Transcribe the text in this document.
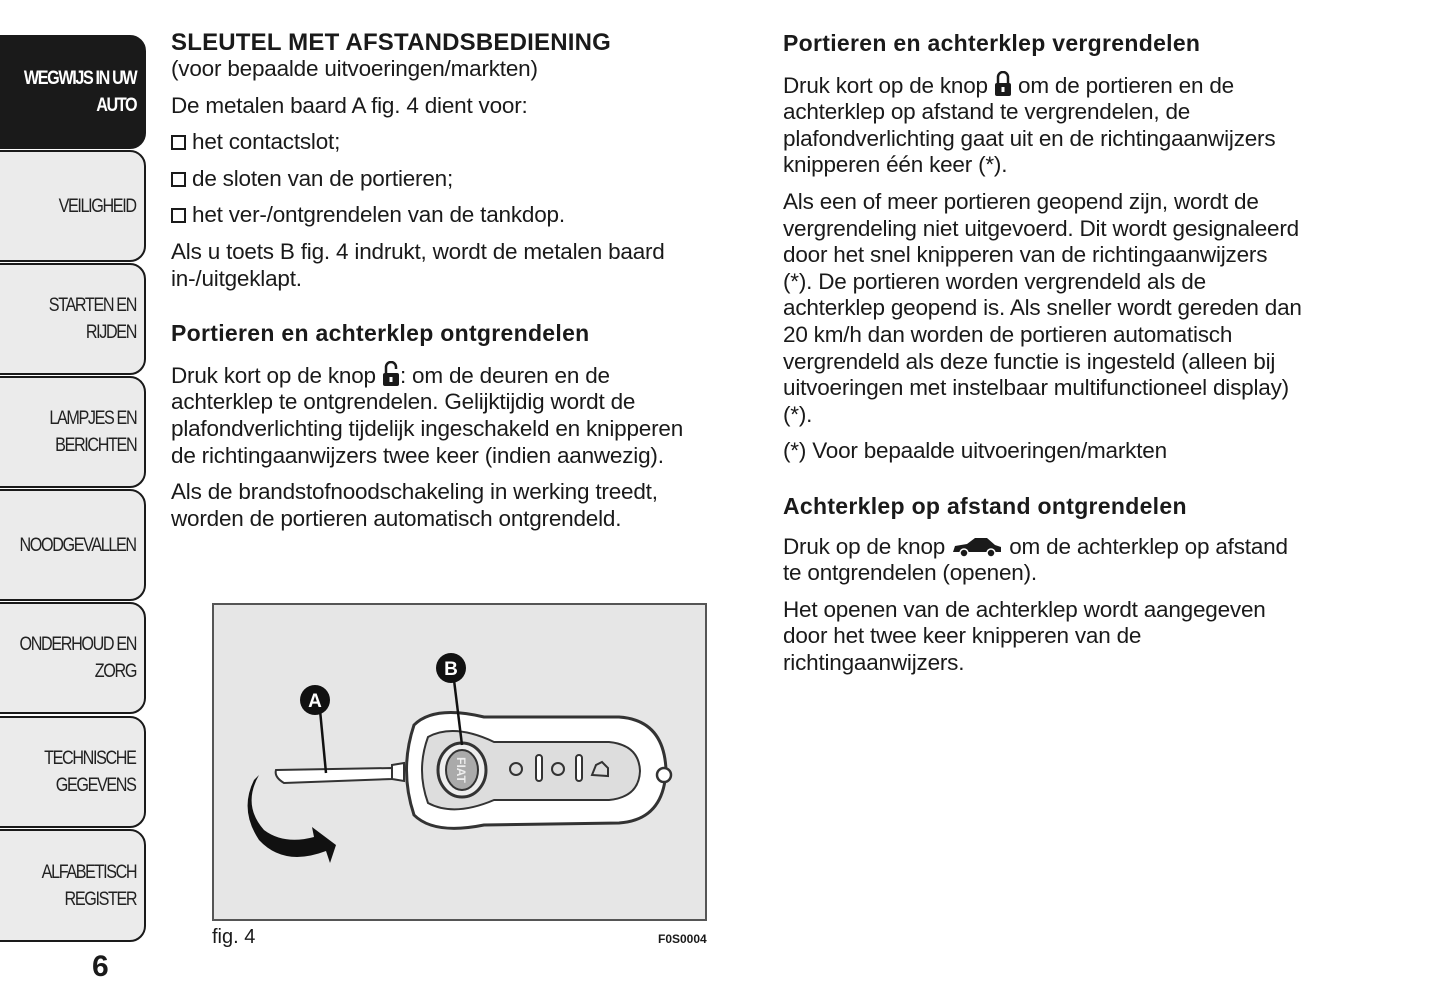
WEGWIJS IN UW
AUTO
VEILIGHEID
STARTEN EN RIJDEN
LAMPJES EN
BERICHTEN
NOODGEVALLEN
ONDERHOUD EN
ZORG
TECHNISCHE
GEGEVENS
ALFABETISCH
REGISTER
SLEUTEL MET AFSTANDSBEDIENING
(voor bepaalde uitvoeringen/markten)
De metalen baard A fig. 4 dient voor:
het contactslot;
de sloten van de portieren;
het ver-/ontgrendelen van de tankdop.
Als u toets B fig. 4 indrukt, wordt de metalen baard
in-/uitgeklapt.
Portieren en achterklep ontgrendelen
Druk kort op de knop : om de deuren en de
achterklep te ontgrendelen. Gelijktijdig wordt de
plafondverlichting tijdelijk ingeschakeld en knipperen
de richtingaanwijzers twee keer (indien aanwezig).
Als de brandstofnoodschakeling in werking treedt,
worden de portieren automatisch ontgrendeld.
FIAT
A
B
fig. 4	F0S0004
6
Portieren en achterklep vergrendelen
Druk kort op de knop om de portieren en de
achterklep op afstand te vergrendelen, de
plafondverlichting gaat uit en de richtingaanwijzers
knipperen één keer (*).
Als een of meer portieren geopend zijn, wordt de
vergrendeling niet uitgevoerd. Dit wordt gesignaleerd
door het snel knipperen van de richtingaanwijzers
(*). De portieren worden vergrendeld als de
achterklep geopend is. Als sneller wordt gereden dan
20 km/h dan worden de portieren automatisch
vergrendeld als deze functie is ingesteld (alleen bij
uitvoeringen met instelbaar multifunctioneel display)
(*).
(*) Voor bepaalde uitvoeringen/markten
Achterklep op afstand ontgrendelen
Druk op de knop	om de achterklep op afstand
te ontgrendelen (openen).
Het openen van de achterklep wordt aangegeven
door het twee keer knipperen van de
richtingaanwijzers.
